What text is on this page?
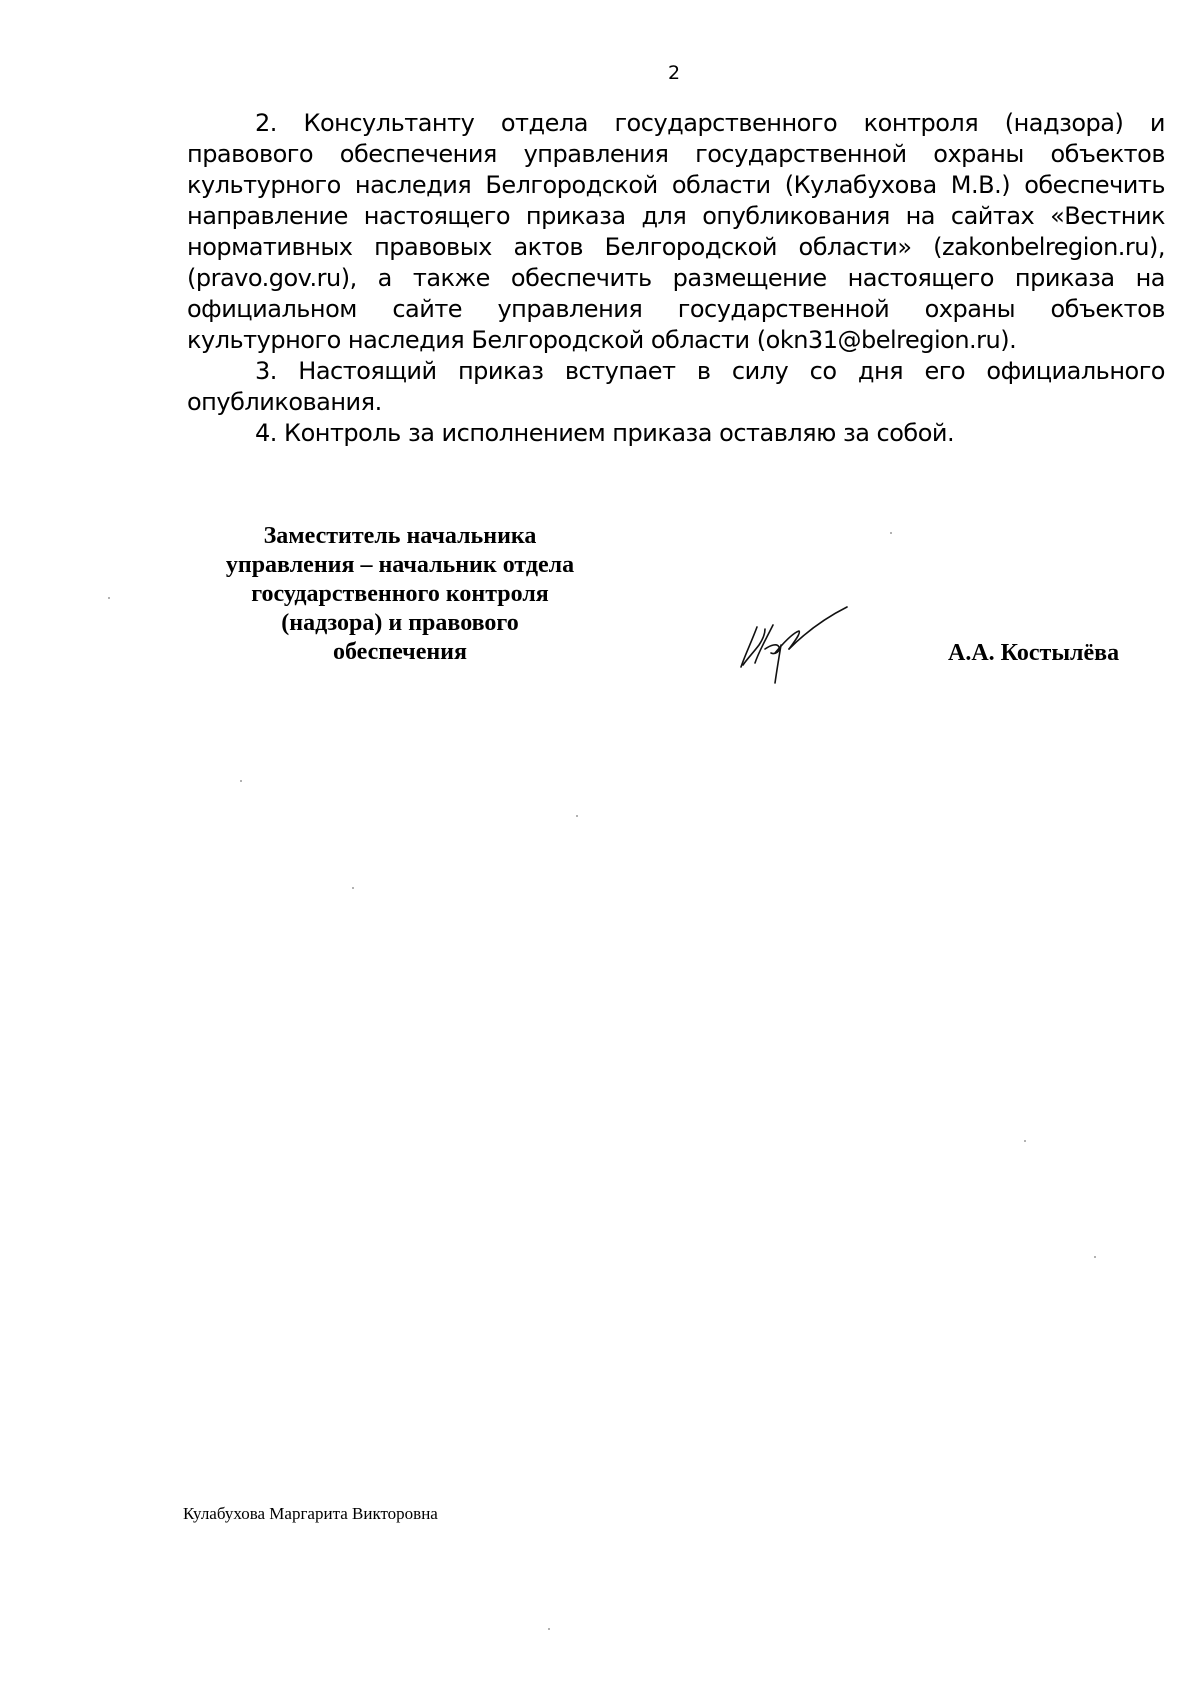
2

2. Консультанту отдела государственного контроля (надзора) и правового обеспечения управления государственной охраны объектов культурного наследия Белгородской области (Кулабухова М.В.) обеспечить направление настоящего приказа для опубликования на сайтах «Вестник нормативных правовых актов Белгородской области» (zakonbelregion.ru), (pravo.gov.ru), а также обеспечить размещение настоящего приказа на официальном сайте управления государственной охраны объектов культурного наследия Белгородской области (okn31@belregion.ru).

3. Настоящий приказ вступает в силу со дня его официального опубликования.

4. Контроль за исполнением приказа оставляю за собой.

Заместитель начальника
управления – начальник отдела
государственного контроля
(надзора) и правового
обеспечения	А.А. Костылёва
Кулабухова Маргарита Викторовна
